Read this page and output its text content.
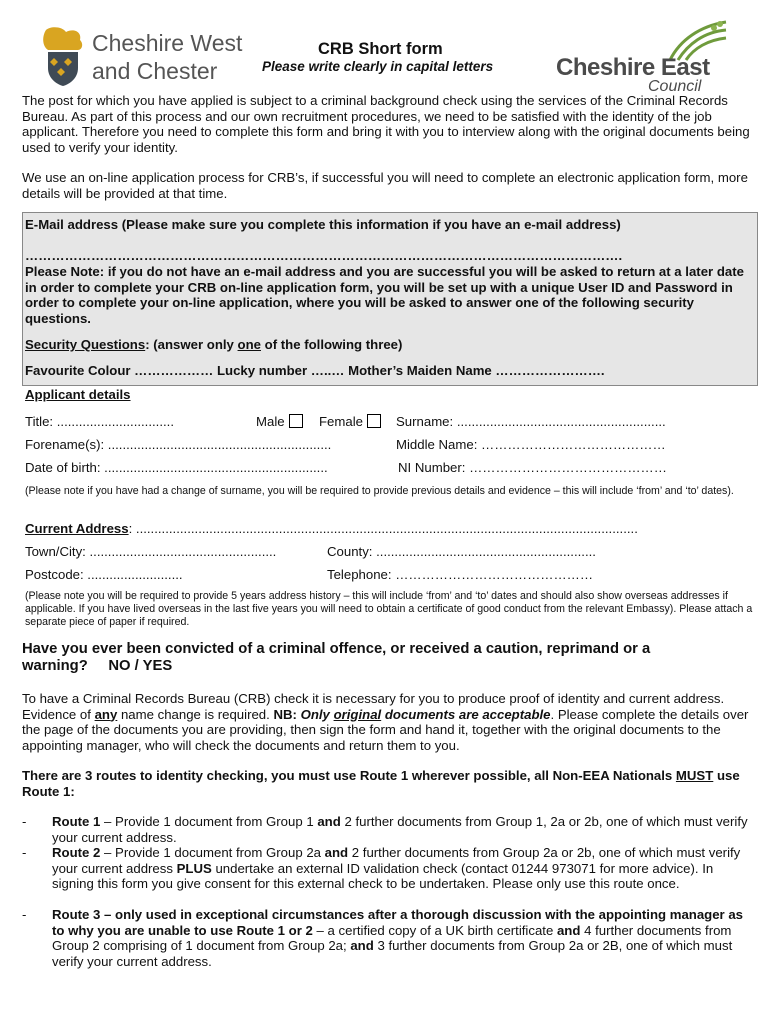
Cheshire West
and Chester
CRB Short form
Please write clearly in capital letters	Cheshire East
Council
The post for which you have applied is subject to a criminal background check using the services of the Criminal Records Bureau. As part of this process and our own recruitment procedures, we need to be satisfied with the identity of the job applicant. Therefore you need to complete this form and bring it with you to interview along with the original documents being used to verify your identity.
We use an on-line application process for CRB’s, if successful you will need to complete an electronic application form, more details will be provided at that time.
E-Mail address (Please make sure you complete this information if you have an e-mail address)
……………………………………………………………………………………………………………………….
Please Note: if you do not have an e-mail address and you are successful you will be asked to return at a later date in order to complete your CRB on-line application form, you will be set up with a unique User ID and Password in order to complete your on-line application, where you will be asked to answer one of the following security questions.
Security Questions: (answer only one of the following three)
Favourite Colour ……………… Lucky number …..… Mother’s Maiden Name …………………….
Applicant details
Title: ................................	Male	Female	Surname: .........................................................
Forename(s): .............................................................	Middle Name: ……………………………………
Date of birth: .............................................................	NI Number: ………………………………………
(Please note if you have had a change of surname, you will be required to provide previous details and evidence – this will include ‘from’ and ‘to’ dates).
Current Address: .........................................................................................................................................
Town/City: ...................................................	County: ............................................................
Postcode: ..........................	Telephone: ………………………………………
(Please note you will be required to provide 5 years address history – this will include ‘from’ and ‘to’ dates and should also show overseas addresses if applicable. If you have lived overseas in the last five years you will need to obtain a certificate of good conduct from the relevant Embassy). Please attach a separate piece of paper if required.
Have you ever been convicted of a criminal offence, or received a caution, reprimand or a warning? NO / YES
To have a Criminal Records Bureau (CRB) check it is necessary for you to produce proof of identity and current address. Evidence of any name change is required. NB: Only original documents are acceptable. Please complete the details over the page of the documents you are providing, then sign the form and hand it, together with the original documents to the appointing manager, who will check the documents and return them to you.
There are 3 routes to identity checking, you must use Route 1 wherever possible, all Non-EEA Nationals MUST use Route 1:
- Route 1 – Provide 1 document from Group 1 and 2 further documents from Group 1, 2a or 2b, one of which must verify your current address.
- Route 2 – Provide 1 document from Group 2a and 2 further documents from Group 2a or 2b, one of which must verify your current address PLUS undertake an external ID validation check (contact 01244 973071 for more advice). In signing this form you give consent for this external check to be undertaken. Please only use this route once.
- Route 3 – only used in exceptional circumstances after a thorough discussion with the appointing manager as to why you are unable to use Route 1 or 2 – a certified copy of a UK birth certificate and 4 further documents from Group 2 comprising of 1 document from Group 2a; and 3 further documents from Group 2a or 2B, one of which must verify your current address.
